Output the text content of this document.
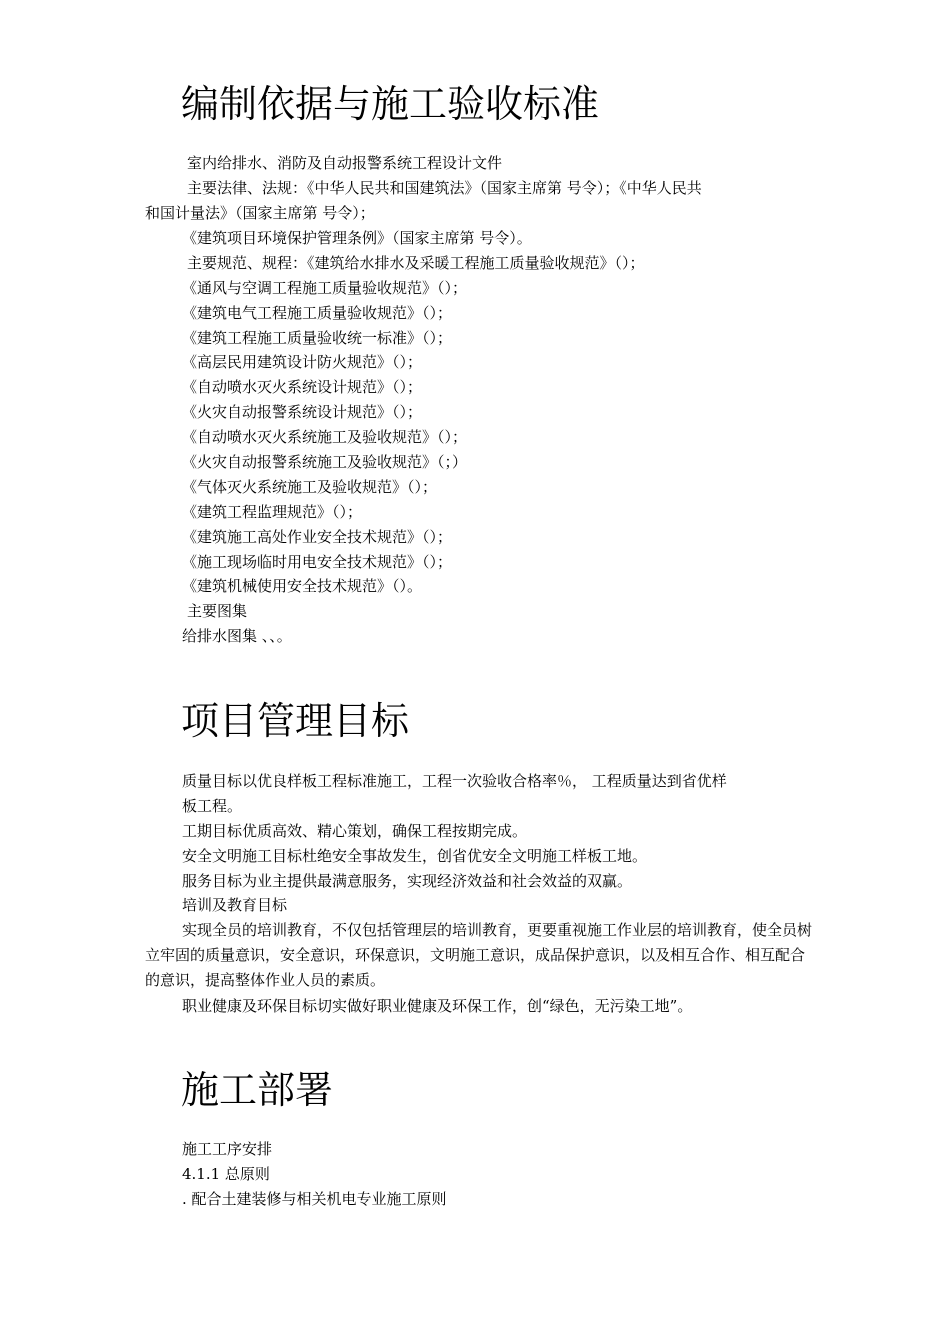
编制依据与施工验收标准
室内给排水、消防及自动报警系统工程设计文件
主要法律、法规：《中华人民共和国建筑法》（国家主席第 号令）；《中华人民共
和国计量法》（国家主席第 号令）；
《建筑项目环境保护管理条例》（国家主席第 号令）。
主要规范、规程：《建筑给水排水及采暖工程施工质量验收规范》（）；
《通风与空调工程施工质量验收规范》（）；
《建筑电气工程施工质量验收规范》（）；
《建筑工程施工质量验收统一标准》（）；
《高层民用建筑设计防火规范》（）；
《自动喷水灭火系统设计规范》（）；
《火灾自动报警系统设计规范》（）；
《自动喷水灭火系统施工及验收规范》（）；
《火灾自动报警系统施工及验收规范》（；）
《气体灭火系统施工及验收规范》（）；
《建筑工程监理规范》（）；
《建筑施工高处作业安全技术规范》（）；
《施工现场临时用电安全技术规范》（）；
《建筑机械使用安全技术规范》（）。
主要图集
给排水图集 、、。
项目管理目标
质量目标以优良样板工程标准施工，工程一次验收合格率％， 工程质量达到省优样
板工程。
工期目标优质高效、精心策划，确保工程按期完成。
安全文明施工目标杜绝安全事故发生，创省优安全文明施工样板工地。
服务目标为业主提供最满意服务，实现经济效益和社会效益的双赢。
培训及教育目标

实现全员的培训教育，不仅包括管理层的培训教育，更要重视施工作业层的培训教育，使全员树立牢固的质量意识，安全意识，环保意识，文明施工意识，成品保护意识，以及相互合作、相互配合的意识，提高整体作业人员的素质。

职业健康及环保目标切实做好职业健康及环保工作，创“绿色，无污染工地”。
施工部署
施工工序安排
4.1.1 总原则
. 配合土建装修与相关机电专业施工原则
